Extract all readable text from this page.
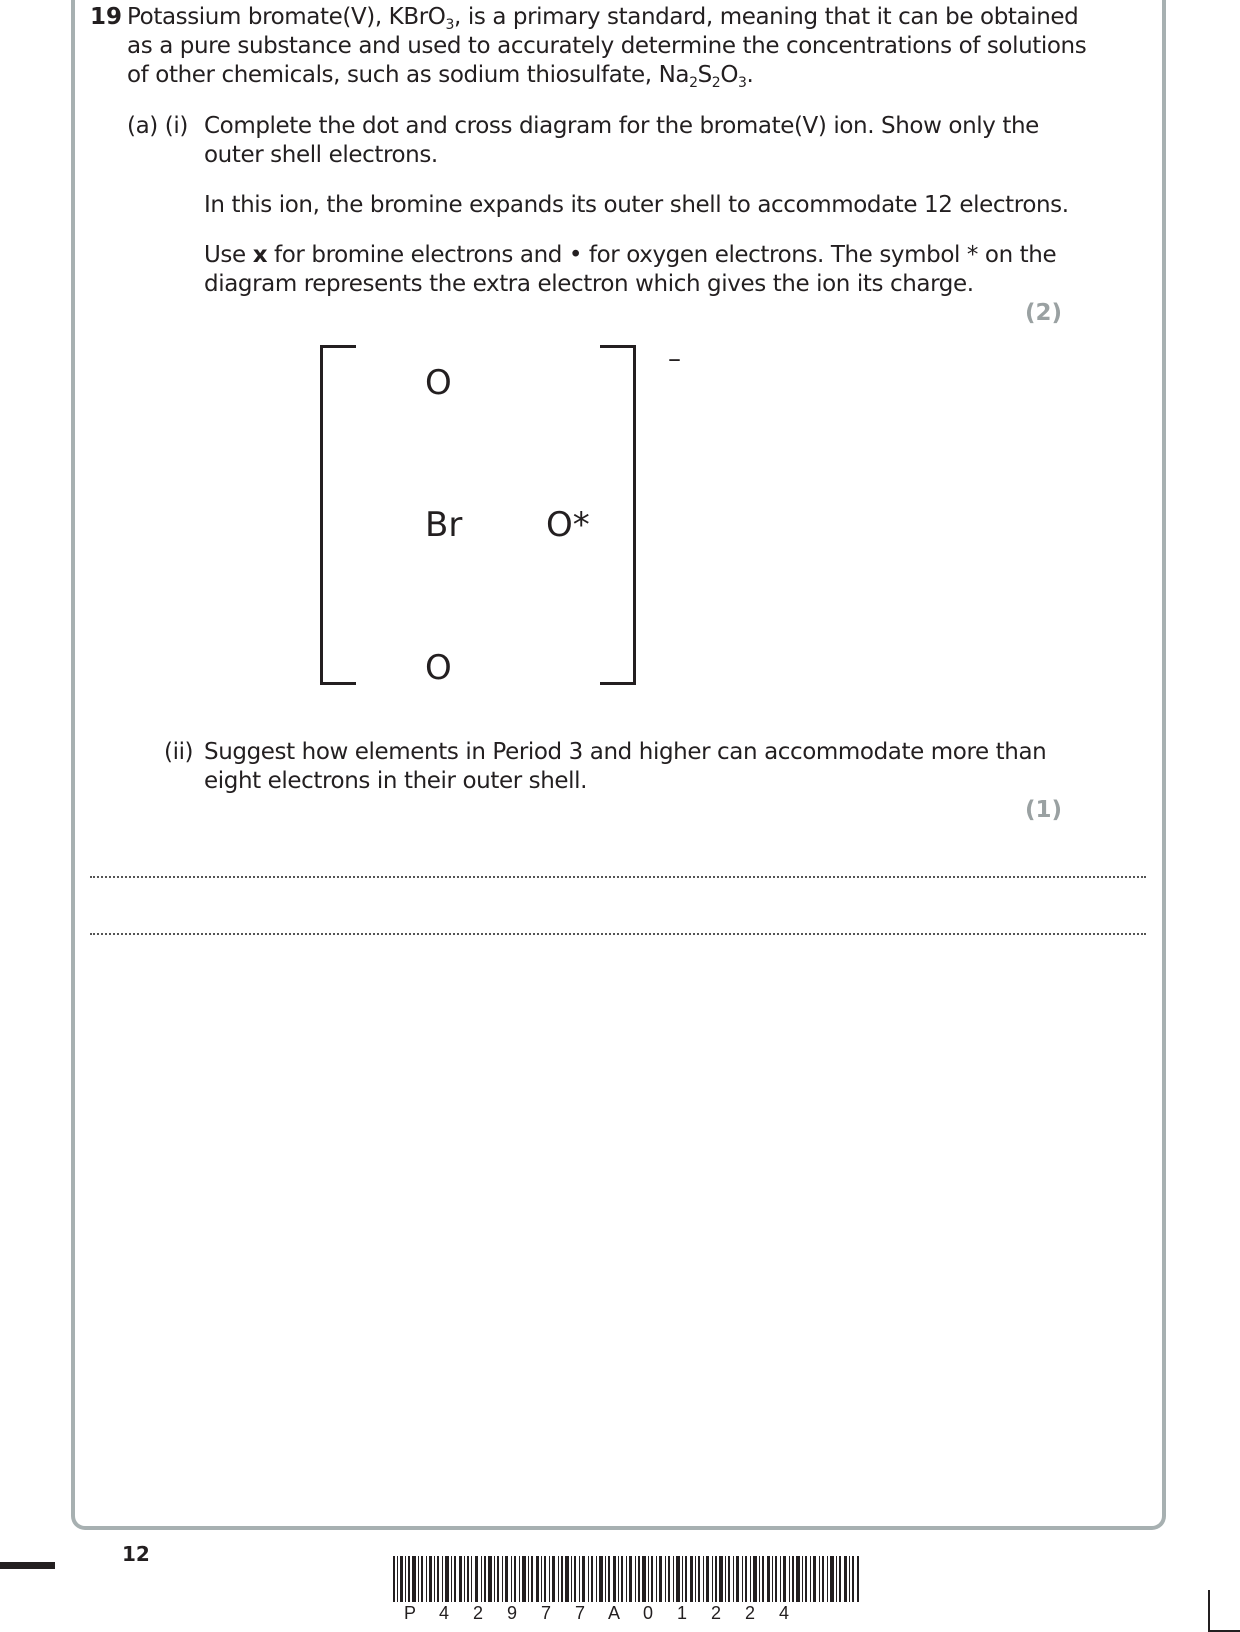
19 Potassium bromate(V), KBrO$_3$, is a primary standard, meaning that it can be obtained
as a pure substance and used to accurately determine the concentrations of solutions
of other chemicals, such as sodium thiosulfate, $Na_2S_2O_3$.
(a) (i) Complete the dot and cross diagram for the bromate(V) ion. Show only the
outer shell electrons.
In this ion, the bromine expands its outer shell to accommodate 12 electrons.
Use x for bromine electrons and • for oxygen electrons. The symbol * on the
diagram represents the extra electron which gives the ion its charge.
(2)
O
Br O*
O
–
(ii) Suggest how elements in Period 3 and higher can accommodate more than
eight electrons in their outer shell.
(1)
12
P 4 2 9 7 7 A 0 1 2 2 4
